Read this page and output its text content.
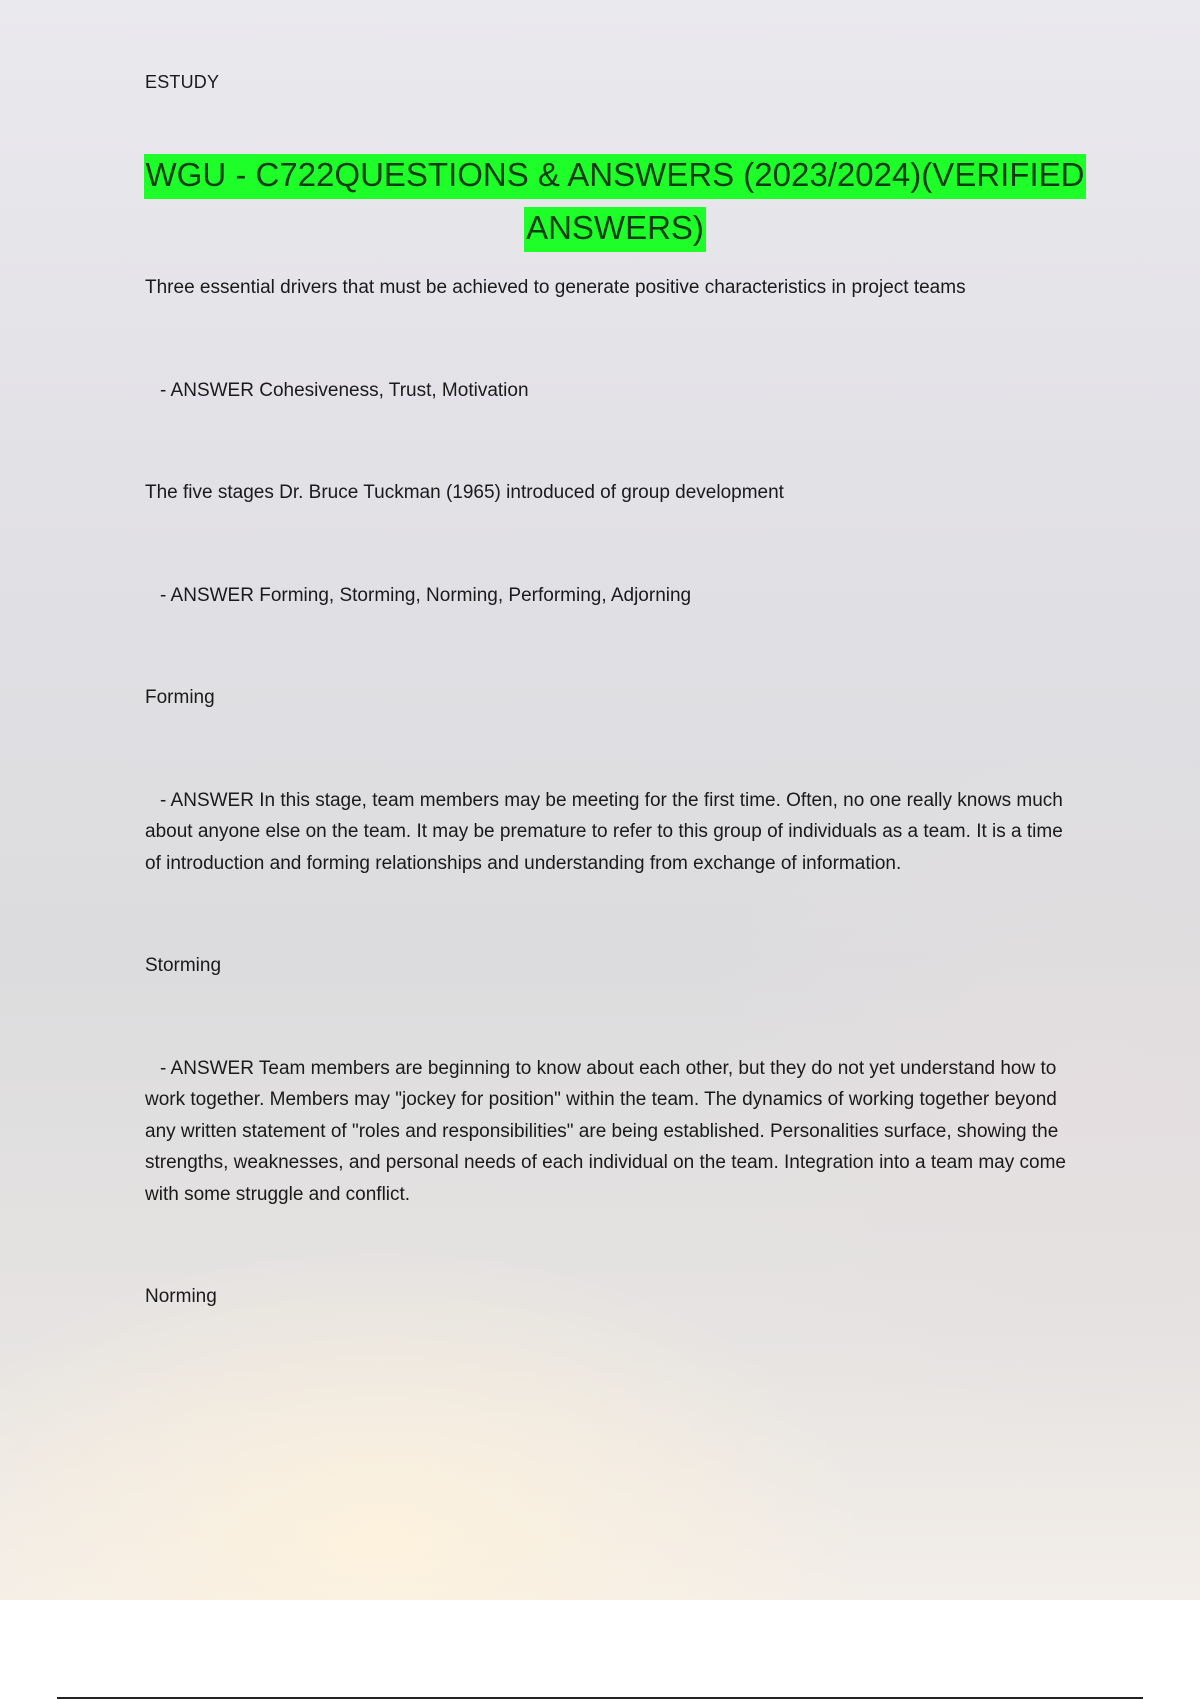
ESTUDY
WGU - C722QUESTIONS & ANSWERS (2023/2024)(VERIFIED ANSWERS)

Three essential drivers that must be achieved to generate positive characteristics in project teams

- ANSWER Cohesiveness, Trust, Motivation

The five stages Dr. Bruce Tuckman (1965) introduced of group development

- ANSWER Forming, Storming, Norming, Performing, Adjorning

Forming

- ANSWER In this stage, team members may be meeting for the first time. Often, no one really knows much about anyone else on the team. It may be premature to refer to this group of individuals as a team. It is a time of introduction and forming relationships and understanding from exchange of information.

Storming

- ANSWER Team members are beginning to know about each other, but they do not yet understand how to work together. Members may "jockey for position" within the team. The dynamics of working together beyond any written statement of "roles and responsibilities" are being established. Personalities surface, showing the strengths, weaknesses, and personal needs of each individual on the team. Integration into a team may come with some struggle and conflict.

Norming
